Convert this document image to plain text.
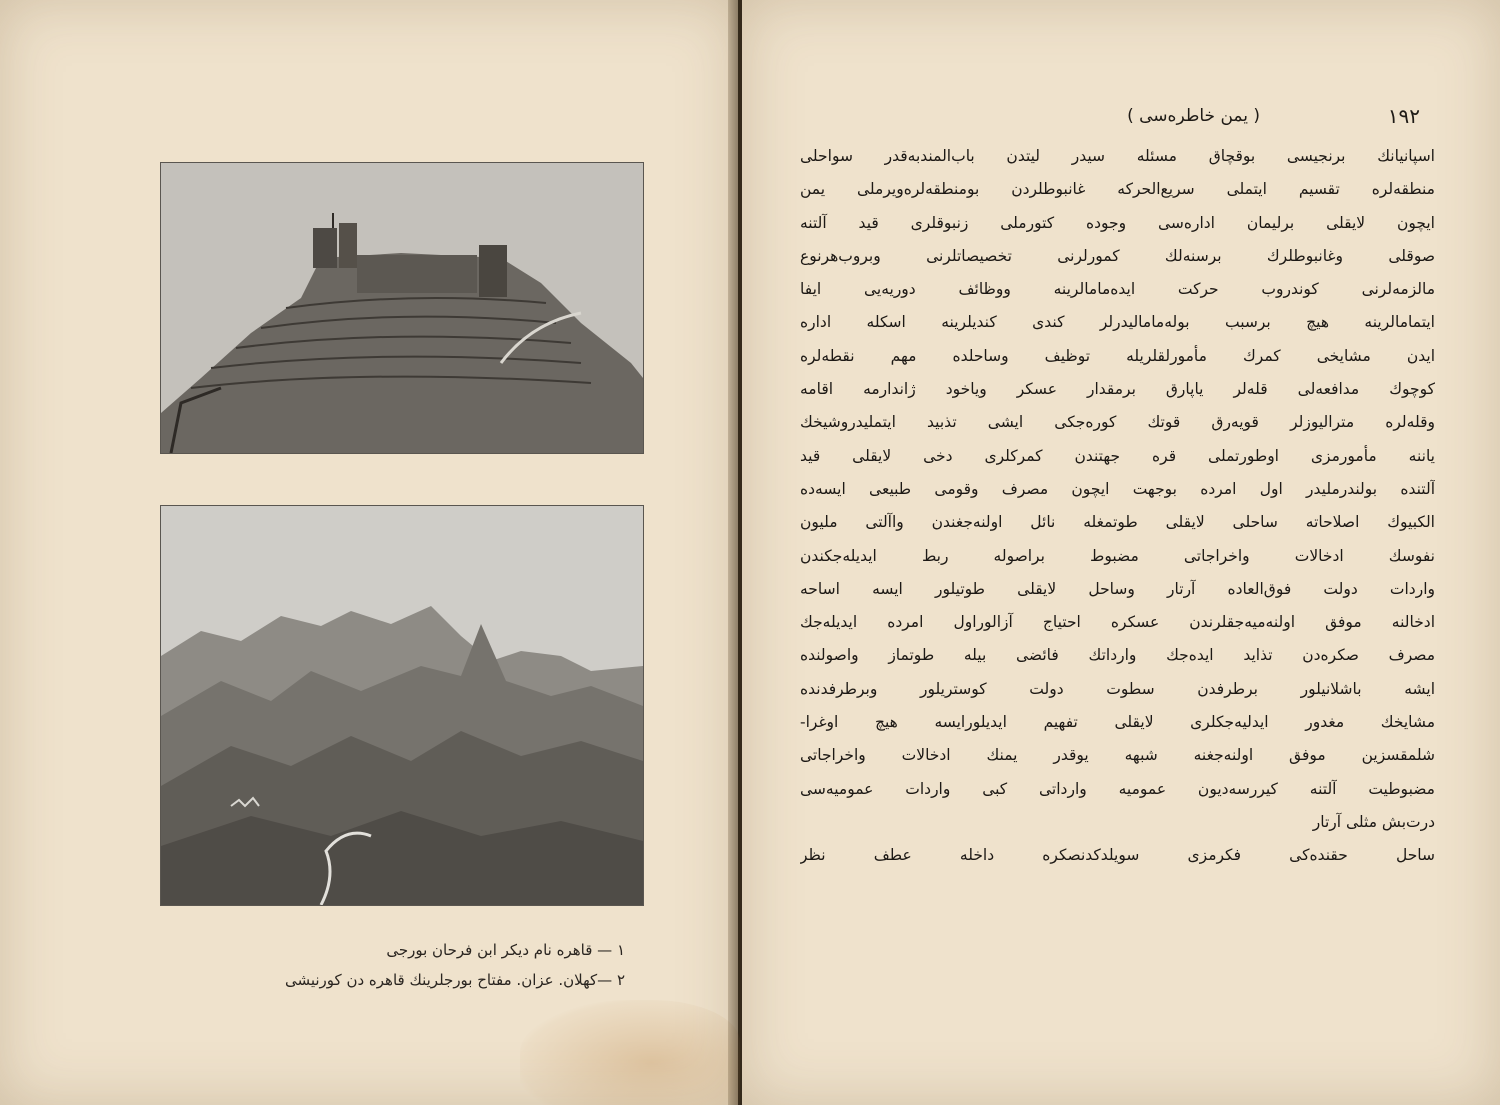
١ — قاهره نام دیکر ابن فرحان بورجی
٢ —کهلان. عزان. مفتاح بورجلرینك قاهره دن کورنیشی
١٩٢
( يمن خاطره‌سی )
اسپانیانك برنجیسی بوقچاق مسئله سیدر لیتدن باب‌المندبه‌قدر سواحلی
منطقه‌لره تقسیم ایتملی سریع‌الحرکه غانبوطلردن بومنطقه‌لره‌ویرملی یمن
ایچون لایقلی برلیمان اداره‌سی وجوده کتورملی زنبوقلری قید آلتنه
صوقلی وغانبوطلرك برسنه‌لك کمورلرنی تخصیصاتلرنی وبروب‌هرنوع
مالزمه‌لرنی کوندروب حرکت ایده‌مامالرینه ووظائف دوریه‌یی ایفا
ایتمامالرینه هیچ برسبب بوله‌مامالیدرلر کندی کندیلرینه اسکله اداره
ایدن مشایخی کمرك مأمورلقلریله توظیف وساحلده مهم نقطه‌لره
کوچوك مدافعه‌لی قله‌لر یاپارق برمقدار عسکر ویاخود ژاندارمه اقامه
وقله‌لره مترالیوزلر قویه‌رق قوتك کوره‌جکی ایشی تذبید ایتملیدروشیخك
یاننه مأمورمزی اوطورتملی قره جهتندن کمرکلری دخی لایقلی قید
آلتنده بولندرملیدر اول امرده بوجهت ایچون مصرف وقومی طبیعی ایسه‌ده
الکبیوك اصلاحاته ساحلی لایقلی طوتمغله نائل اولنه‌جغندن واآلتی ملیون
نفوسك ادخالات واخراجاتی مضبوط براصوله ربط ایدیله‌جکندن
واردات دولت فوق‌العاده آرتار وساحل لایقلی طوتیلور ایسه اساحه
ادخالنه موفق اولنه‌میه‌جقلرندن عسکره احتیاج آزالوراول امرده ایدیله‌جك
مصرف صکره‌دن تذاید ایده‌جك وارداتك فائضی بیله طوتماز واصولنده
ایشه باشلانیلور برطرفدن سطوت دولت کوستریلور وبرطرفدنده
مشایخك مغدور ایدلیه‌جکلری لایقلی تفهیم ایدیلورایسه هیچ اوغرا-
شلمقسزین موفق اولنه‌جغنه شبهه یوقدر یمنك ادخالات واخراجاتی
مضبوطیت آلتنه کیررسه‌دیون عمومیه وارداتی کبی واردات عمومیه‌سی
درت‌بش مثلی آرتار
ساحل حقنده‌کی فکرمزی سویلدکدنصکره داخله عطف نظر
